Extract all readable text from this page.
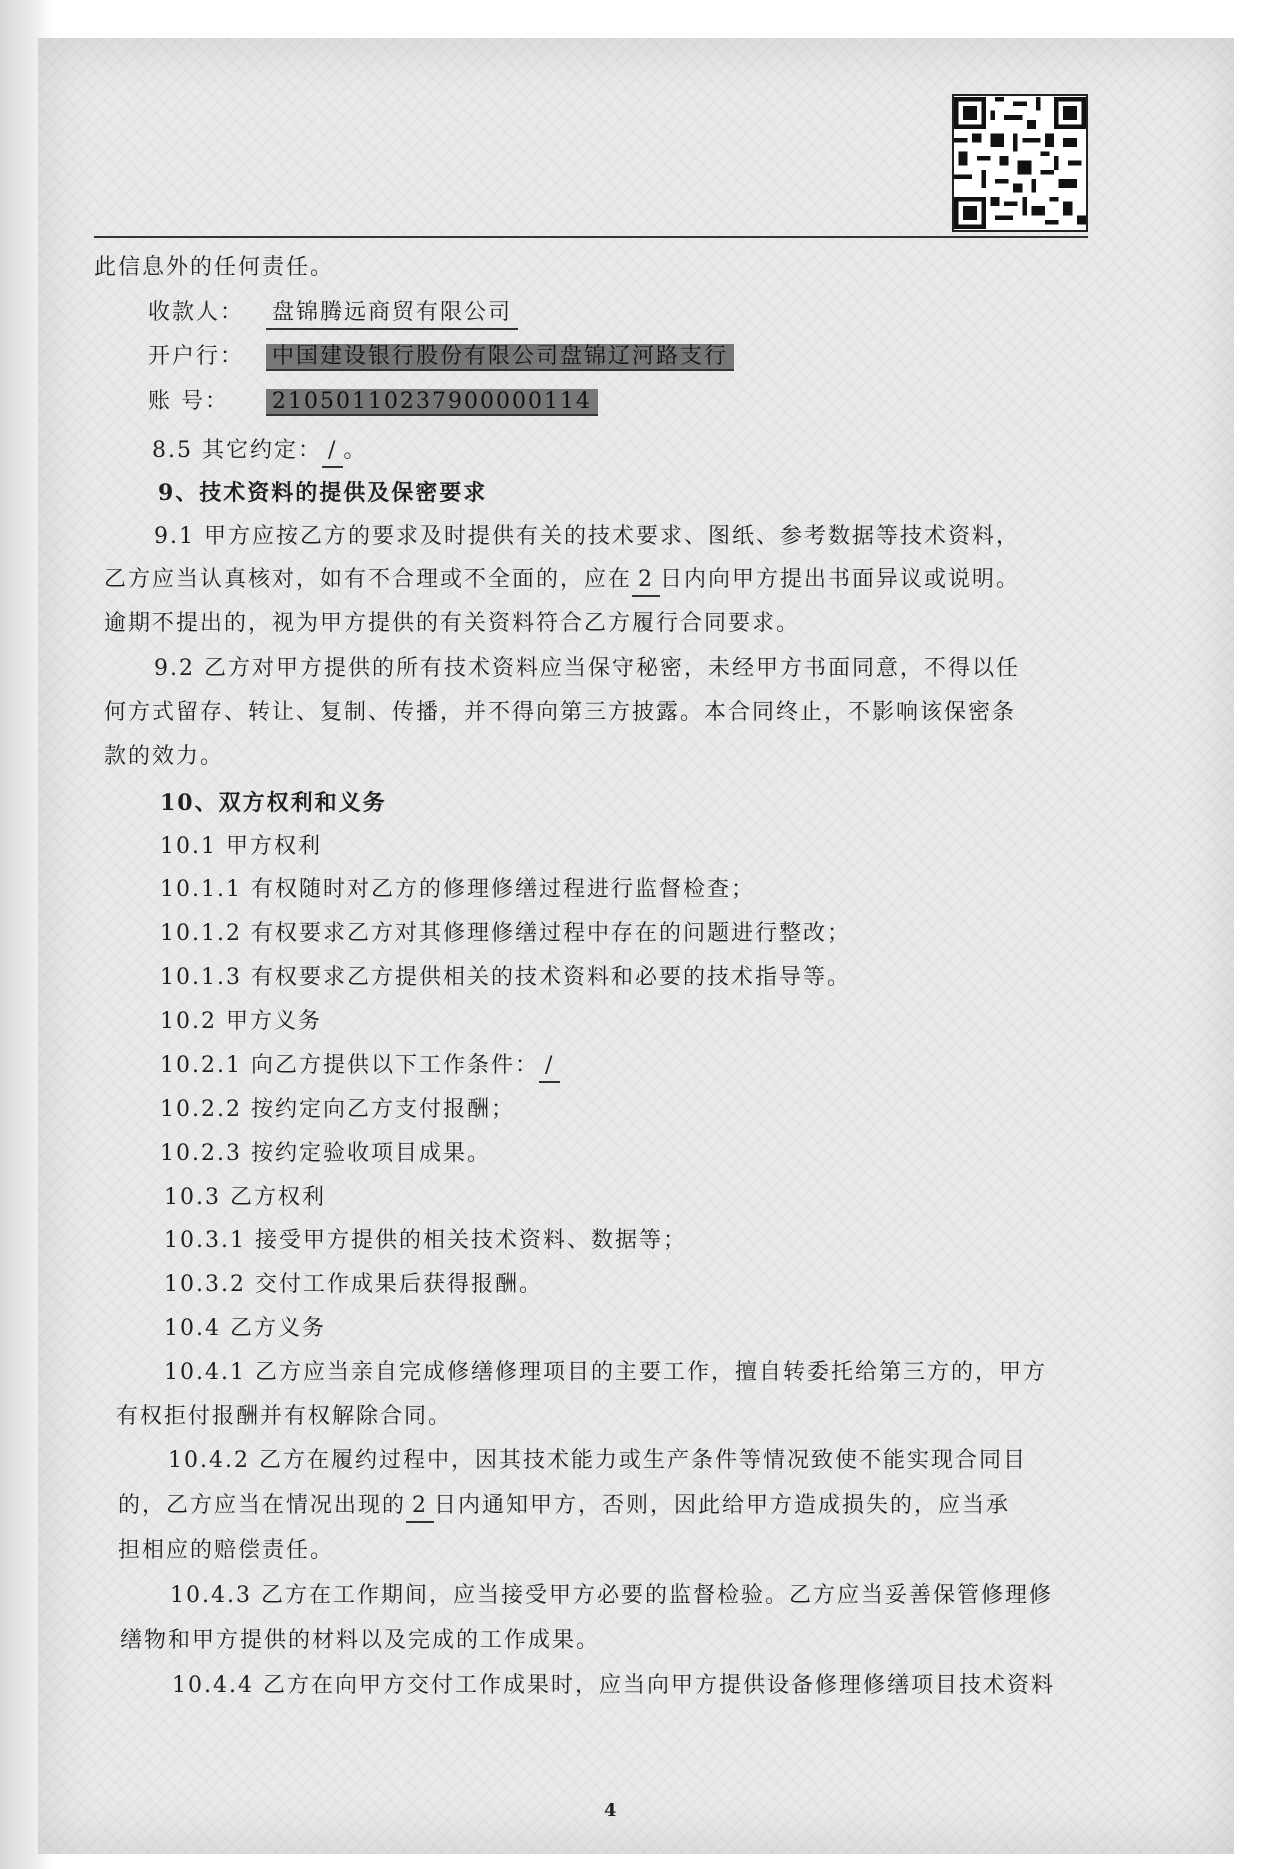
此信息外的任何责任。
收款人： 盘锦腾远商贸有限公司
开户行： 中国建设银行股份有限公司盘锦辽河路支行
账 号： 21050110237900000114
8.5 其它约定： / 。
9、技术资料的提供及保密要求
9.1 甲方应按乙方的要求及时提供有关的技术要求、图纸、参考数据等技术资料，
乙方应当认真核对，如有不合理或不全面的，应在 2 日内向甲方提出书面异议或说明。
逾期不提出的，视为甲方提供的有关资料符合乙方履行合同要求。
9.2 乙方对甲方提供的所有技术资料应当保守秘密，未经甲方书面同意，不得以任
何方式留存、转让、复制、传播，并不得向第三方披露。本合同终止，不影响该保密条
款的效力。
10、双方权利和义务
10.1 甲方权利
10.1.1 有权随时对乙方的修理修缮过程进行监督检查；
10.1.2 有权要求乙方对其修理修缮过程中存在的问题进行整改；
10.1.3 有权要求乙方提供相关的技术资料和必要的技术指导等。
10.2 甲方义务
10.2.1 向乙方提供以下工作条件： /
10.2.2 按约定向乙方支付报酬；
10.2.3 按约定验收项目成果。
10.3 乙方权利
10.3.1 接受甲方提供的相关技术资料、数据等；
10.3.2 交付工作成果后获得报酬。
10.4 乙方义务
10.4.1 乙方应当亲自完成修缮修理项目的主要工作，擅自转委托给第三方的，甲方
有权拒付报酬并有权解除合同。
10.4.2 乙方在履约过程中，因其技术能力或生产条件等情况致使不能实现合同目
的，乙方应当在情况出现的 2 日内通知甲方，否则，因此给甲方造成损失的，应当承
担相应的赔偿责任。
10.4.3 乙方在工作期间，应当接受甲方必要的监督检验。乙方应当妥善保管修理修
缮物和甲方提供的材料以及完成的工作成果。
10.4.4 乙方在向甲方交付工作成果时，应当向甲方提供设备修理修缮项目技术资料
4
